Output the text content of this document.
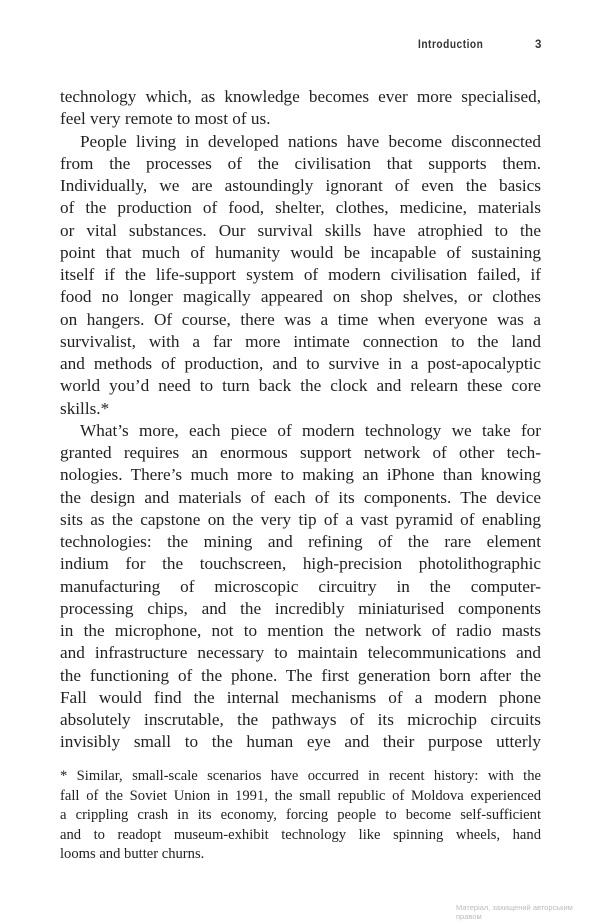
Introduction	3
technology which, as knowledge becomes ever more specialised,
feel very remote to most of us.
People living in developed nations have become disconnected
from the processes of the civilisation that supports them.
Individually, we are astoundingly ignorant of even the basics
of the production of food, shelter, clothes, medicine, materials
or vital substances. Our survival skills have atrophied to the
point that much of humanity would be incapable of sustaining
itself if the life-support system of modern civilisation failed, if
food no longer magically appeared on shop shelves, or clothes
on hangers. Of course, there was a time when everyone was a
survivalist, with a far more intimate connection to the land
and methods of production, and to survive in a post-apocalyptic
world you’d need to turn back the clock and relearn these core
skills.*
What’s more, each piece of modern technology we take for
granted requires an enormous support network of other tech-
nologies. There’s much more to making an iPhone than knowing
the design and materials of each of its components. The device
sits as the capstone on the very tip of a vast pyramid of enabling
technologies: the mining and refining of the rare element
indium for the touchscreen, high-precision photolithographic
manufacturing of microscopic circuitry in the computer-
processing chips, and the incredibly miniaturised components
in the microphone, not to mention the network of radio masts
and infrastructure necessary to maintain telecommunications and
the functioning of the phone. The first generation born after the
Fall would find the internal mechanisms of a modern phone
absolutely inscrutable, the pathways of its microchip circuits
invisibly small to the human eye and their purpose utterly
* Similar, small-scale scenarios have occurred in recent history: with the
fall of the Soviet Union in 1991, the small republic of Moldova experienced
a crippling crash in its economy, forcing people to become self-sufficient
and to readopt museum-exhibit technology like spinning wheels, hand
looms and butter churns.
Матеріал, захищений авторським правом
